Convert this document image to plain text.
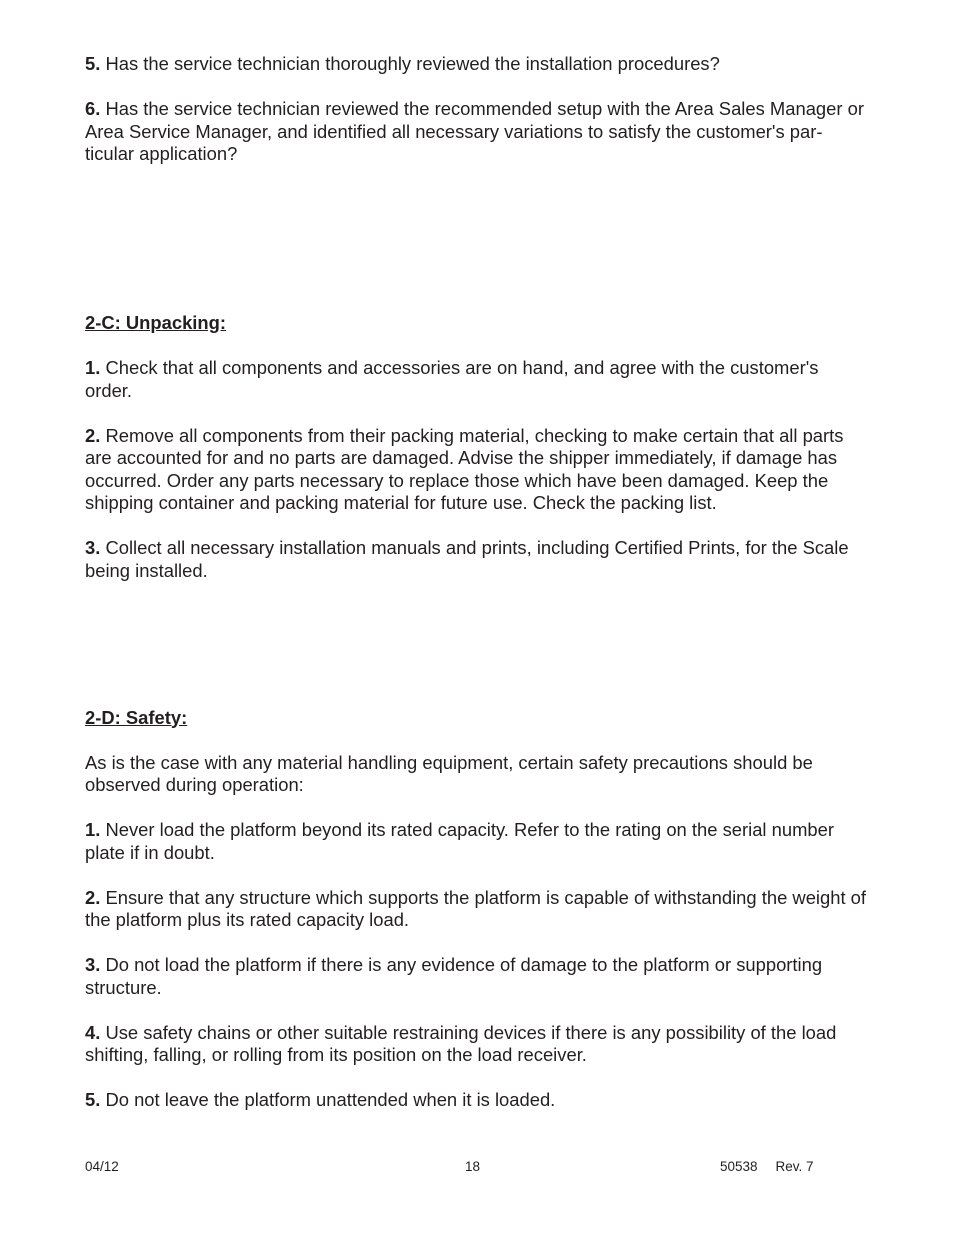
5. Has the service technician thoroughly reviewed the installation procedures?

6. Has the service technician reviewed the recommended setup with the Area Sales Manager or Area Service Manager, and identified all necessary variations to satisfy the customer's par-ticular application?

2-C: Unpacking:

1. Check that all components and accessories are on hand, and agree with the customer's order.

2. Remove all components from their packing material, checking to make certain that all parts are accounted for and no parts are damaged. Advise the shipper immediately, if damage has occurred. Order any parts necessary to replace those which have been damaged. Keep the shipping container and packing material for future use. Check the packing list.

3. Collect all necessary installation manuals and prints, including Certified Prints, for the Scale being installed.

2-D: Safety:

As is the case with any material handling equipment, certain safety precautions should be observed during operation:

1. Never load the platform beyond its rated capacity. Refer to the rating on the serial number plate if in doubt.

2. Ensure that any structure which supports the platform is capable of withstanding the weight of the platform plus its rated capacity load.

3. Do not load the platform if there is any evidence of damage to the platform or supporting structure.

4. Use safety chains or other suitable restraining devices if there is any possibility of the load shifting, falling, or rolling from its position on the load receiver.

5. Do not leave the platform unattended when it is loaded.

04/12	18	50538 Rev. 7
